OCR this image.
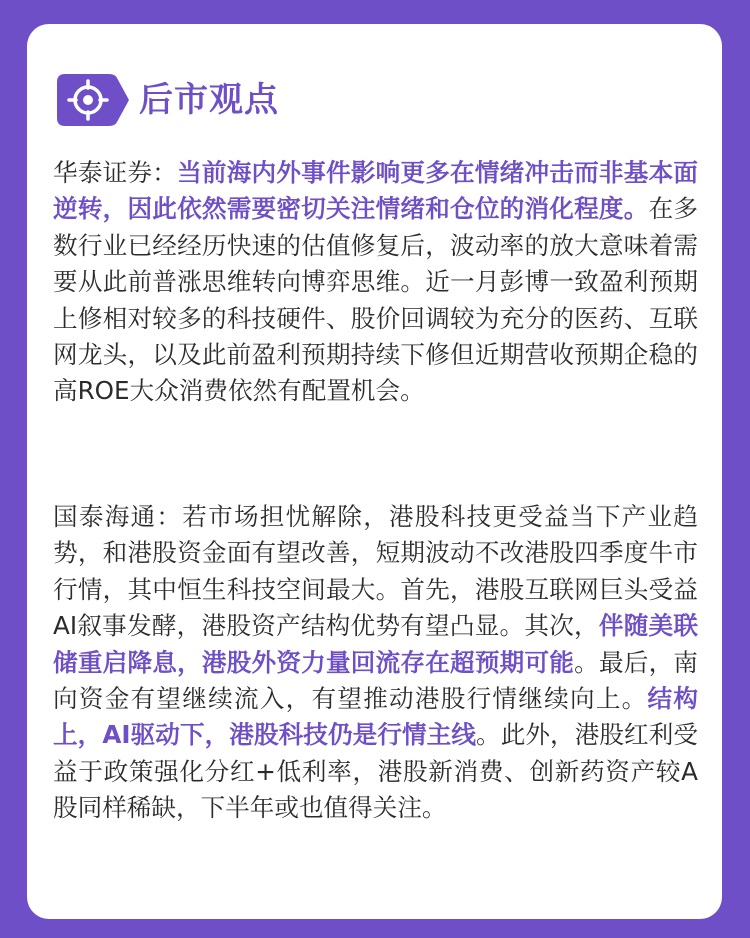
后市观点

华泰证券：当前海内外事件影响更多在情绪冲击而非基本面逆转，因此依然需要密切关注情绪和仓位的消化程度。在多数行业已经经历快速的估值修复后，波动率的放大意味着需要从此前普涨思维转向博弈思维。近一月彭博一致盈利预期上修相对较多的科技硬件、股价回调较为充分的医药、互联网龙头，以及此前盈利预期持续下修但近期营收预期企稳的高ROE大众消费依然有配置机会。

国泰海通：若市场担忧解除，港股科技更受益当下产业趋势，和港股资金面有望改善，短期波动不改港股四季度牛市行情，其中恒生科技空间最大。首先，港股互联网巨头受益AI叙事发酵，港股资产结构优势有望凸显。其次，伴随美联储重启降息，港股外资力量回流存在超预期可能。最后，南向资金有望继续流入，有望推动港股行情继续向上。结构上，AI驱动下，港股科技仍是行情主线。此外，港股红利受益于政策强化分红+低利率，港股新消费、创新药资产较A股同样稀缺，下半年或也值得关注。
